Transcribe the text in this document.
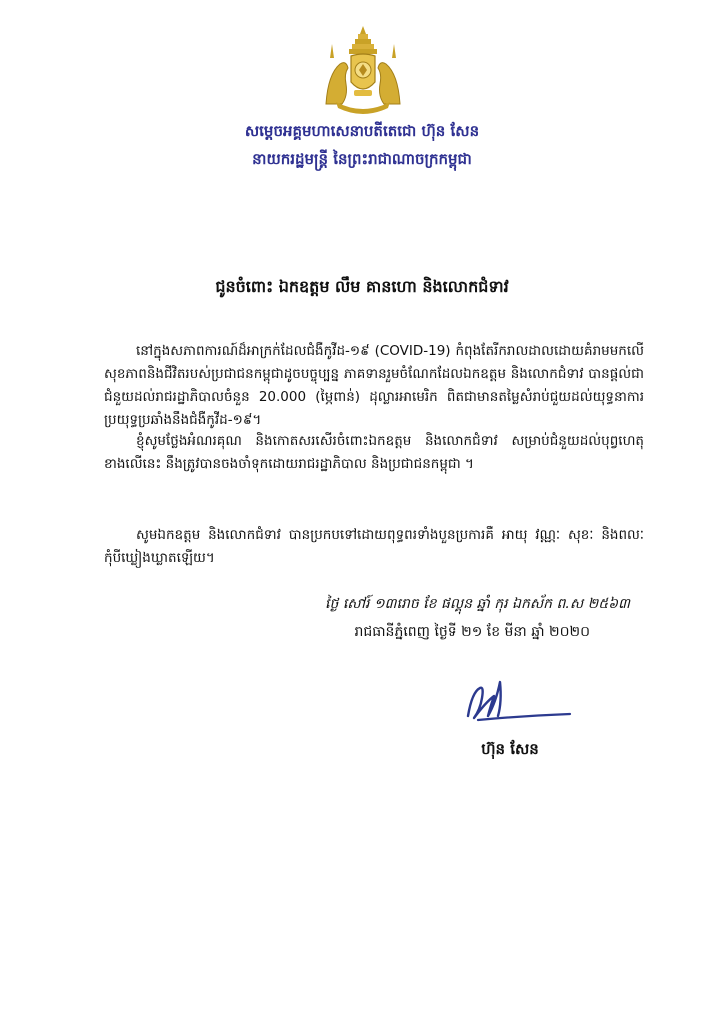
សម្តេចអគ្គមហាសេនាបតីតេជោ ហ៊ុន សែន
នាយករដ្ឋមន្ត្រី នៃព្រះរាជាណាចក្រកម្ពុជា
ជូនចំពោះ ឯកឧត្តម លឹម គានហោ និងលោកជំទាវ
នៅក្នុងសភាពការណ៍ដ៏អាក្រក់ដែលជំងឺកូវីដ-១៩ (COVID-19) កំពុងតែរីករាលដាលដោយគំរាមមកលើសុខភាពនិងជីវិតរបស់ប្រជាជនកម្ពុជាដូចបច្ចុប្បន្ន ភាគទានរួមចំណែកដែលឯកឧត្តម និងលោកជំទាវ បានផ្តល់ជាជំនួយដល់រាជរដ្ឋាភិបាលចំនួន 20.000 (ម្ភៃពាន់) ដុល្លារអាមេរិក ពិតជាមានតម្លៃសំរាប់ជួយដល់យុទ្ធនាការប្រយុទ្ធប្រឆាំងនឹងជំងឺកូវីដ-១៩។
ខ្ញុំសូមថ្លែងអំណរគុណ និងកោតសរសើរចំពោះឯកឧត្តម និងលោកជំទាវ សម្រាប់ជំនួយដល់បុព្វហេតុខាងលើនេះ នឹងត្រូវបានចងចាំទុកដោយរាជរដ្ឋាភិបាល និងប្រជាជនកម្ពុជា ។
សូមឯកឧត្តម និងលោកជំទាវ បានប្រកបទៅដោយពុទ្ធពរទាំងបួនប្រការគឺ អាយុ វណ្ណៈ សុខៈ និងពលៈ កុំបីឃ្លៀងឃ្លាតឡើយ។
ថ្ងៃ សៅរ៍ ១៣រោច ខែ ផល្គុន ឆ្នាំ កុរ ឯកស័ក ព.ស ២៥៦៣
រាជធានីភ្នំពេញ ថ្ងៃទី ២១ ខែ មីនា ឆ្នាំ ២០២០
ហ៊ុន សែន
